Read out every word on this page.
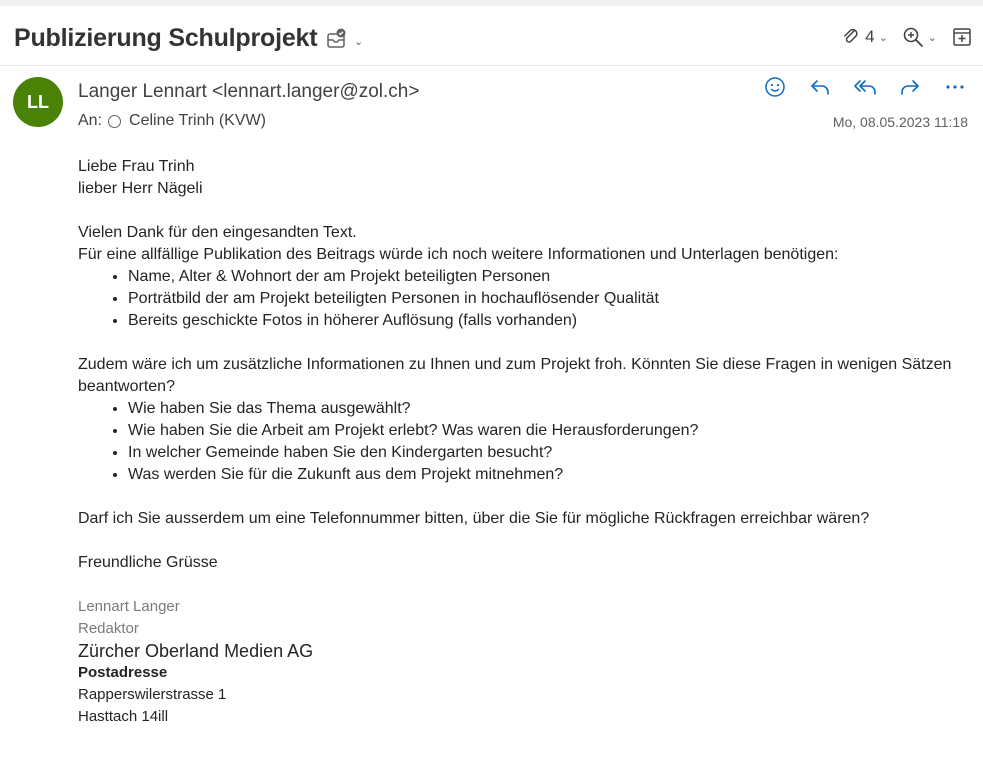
Publizierung Schulprojekt	⌄	4 ⌄	⌄
LL	Langer Lennart <lennart.langer@zol.ch>
An: Celine Trinh (KVW)	Mo, 08.05.2023 11:18

Liebe Frau Trinh

lieber Herr Nägeli

Vielen Dank für den eingesandten Text.

Für eine allfällige Publikation des Beitrags würde ich noch weitere Informationen und Unterlagen benötigen:

• Name, Alter & Wohnort der am Projekt beteiligten Personen
• Porträtbild der am Projekt beteiligten Personen in hochauflösender Qualität
• Bereits geschickte Fotos in höherer Auflösung (falls vorhanden)

Zudem wäre ich um zusätzliche Informationen zu Ihnen und zum Projekt froh. Könnten Sie diese Fragen in wenigen Sätzen beantworten?

• Wie haben Sie das Thema ausgewählt?
• Wie haben Sie die Arbeit am Projekt erlebt? Was waren die Herausforderungen?
• In welcher Gemeinde haben Sie den Kindergarten besucht?
• Was werden Sie für die Zukunft aus dem Projekt mitnehmen?

Darf ich Sie ausserdem um eine Telefonnummer bitten, über die Sie für mögliche Rückfragen erreichbar wären?

Freundliche Grüsse

Lennart Langer

Redaktor

Zürcher Oberland Medien AG

Postadresse

Rapperswilerstrasse 1

Hasttach 14ill
